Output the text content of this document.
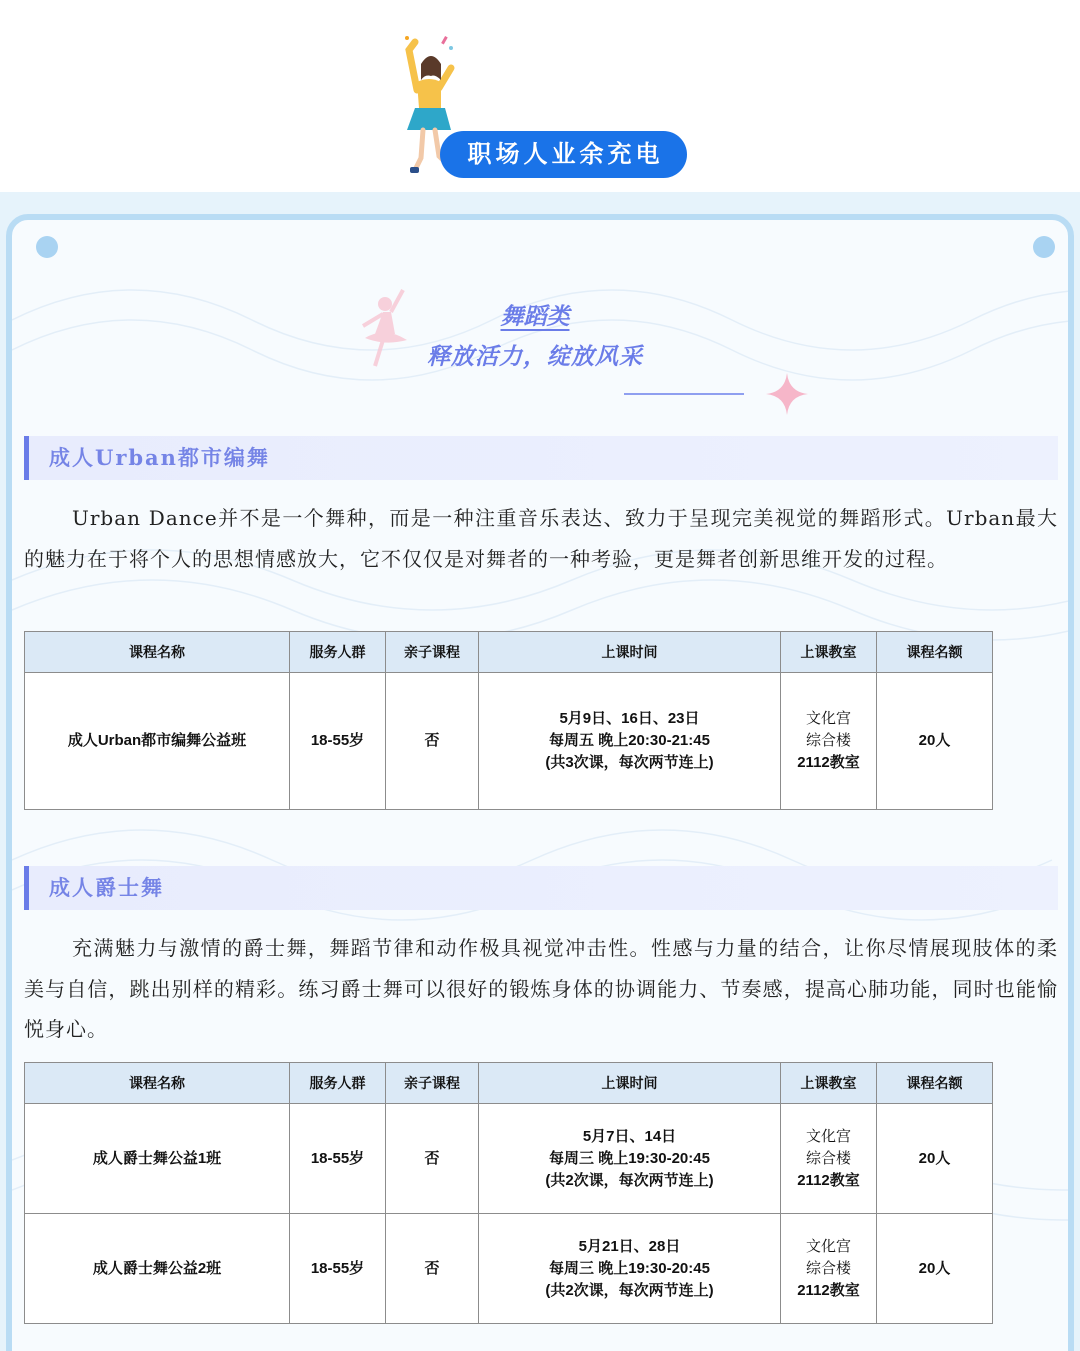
职场人业余充电
舞蹈类
释放活力，绽放风采
成人Urban都市编舞
Urban Dance并不是一个舞种，而是一种注重音乐表达、致力于呈现完美视觉的舞蹈形式。Urban最大的魅力在于将个人的思想情感放大，它不仅仅是对舞者的一种考验，更是舞者创新思维开发的过程。
课程名称	服务人群	亲子课程	上课时间	上课教室	课程名额
成人Urban都市编舞公益班	18-55岁	否	5月9日、16日、23日
每周五 晚上20:30-21:45
(共3次课，每次两节连上)	文化宫
综合楼
2112教室	20人
成人爵士舞
充满魅力与激情的爵士舞，舞蹈节律和动作极具视觉冲击性。性感与力量的结合，让你尽情展现肢体的柔美与自信，跳出别样的精彩。练习爵士舞可以很好的锻炼身体的协调能力、节奏感，提高心肺功能，同时也能愉悦身心。
课程名称	服务人群	亲子课程	上课时间	上课教室	课程名额
成人爵士舞公益1班	18-55岁	否	5月7日、14日
每周三 晚上19:30-20:45
(共2次课，每次两节连上)	文化宫
综合楼
2112教室	20人
成人爵士舞公益2班	18-55岁	否	5月21日、28日
每周三 晚上19:30-20:45
(共2次课，每次两节连上)	文化宫
综合楼
2112教室	20人
